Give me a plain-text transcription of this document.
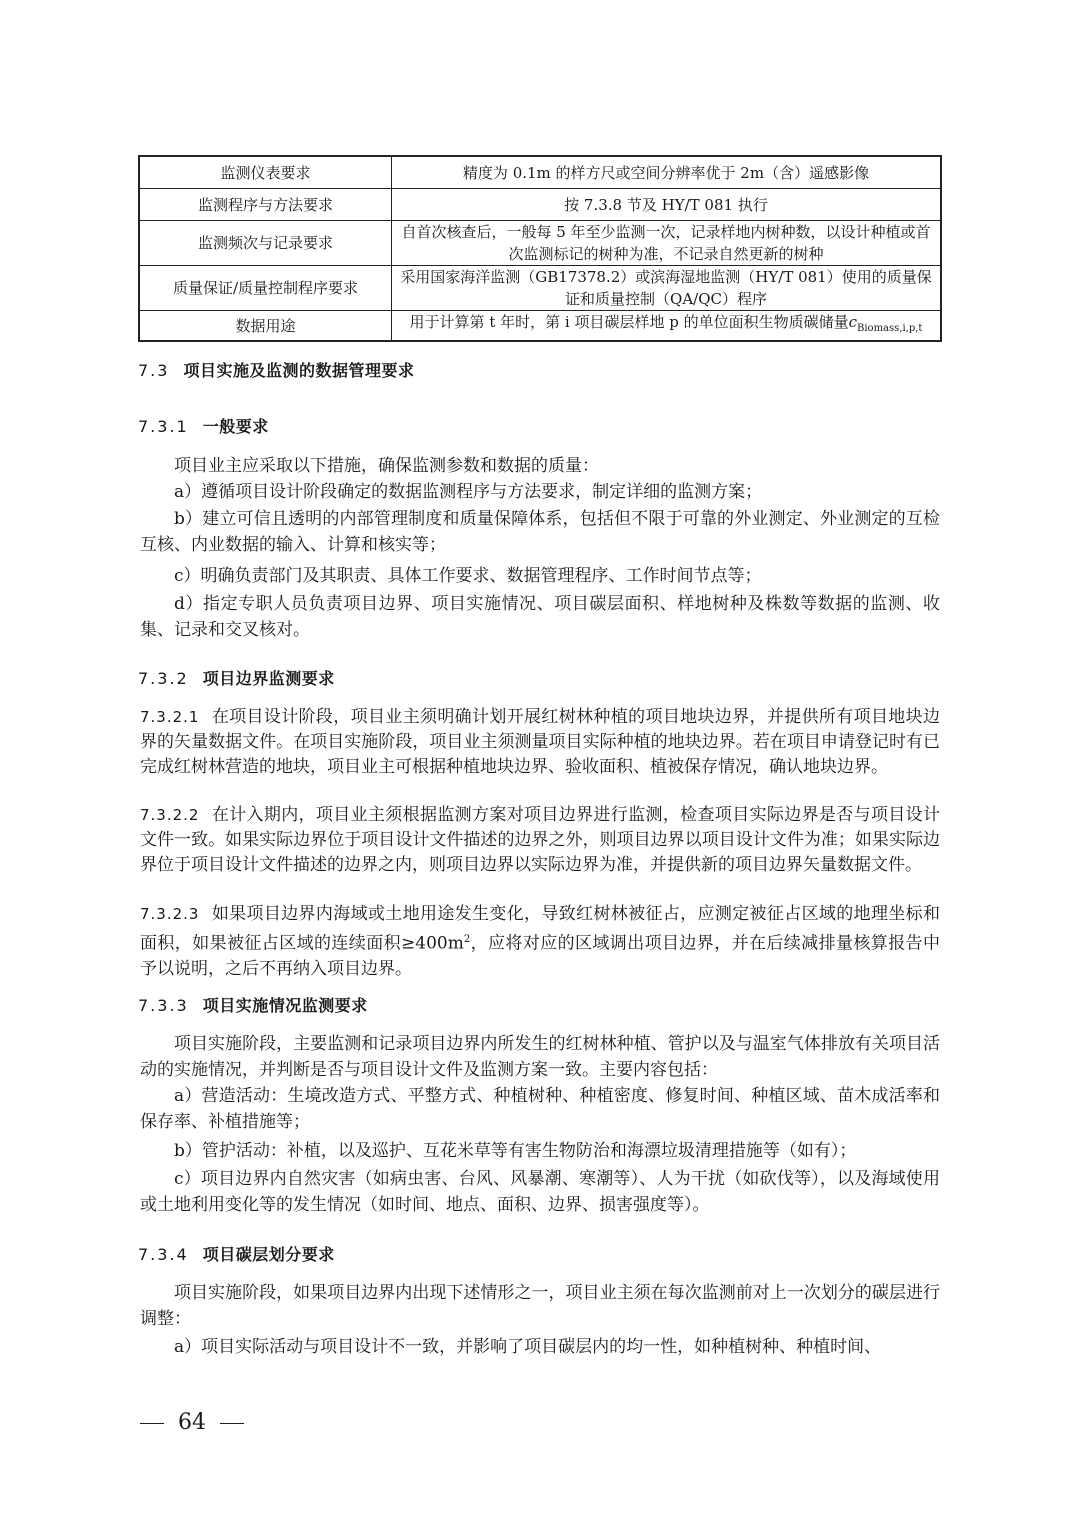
监测仪表要求	精度为 0.1m 的样方尺或空间分辨率优于 2m（含）遥感影像
监测程序与方法要求	按 7.3.8 节及 HY/T 081 执行
监测频次与记录要求	自首次核查后，一般每 5 年至少监测一次，记录样地内树种数，以设计种植或首次监测标记的树种为准，不记录自然更新的树种
质量保证/质量控制程序要求	采用国家海洋监测（GB17378.2）或滨海湿地监测（HY/T 081）使用的质量保证和质量控制（QA/QC）程序
数据用途	用于计算第 t 年时，第 i 项目碳层样地 p 的单位面积生物质碳储量$c_{Biomass,i,p,t}$
7.3 项目实施及监测的数据管理要求
7.3.1 一般要求
项目业主应采取以下措施，确保监测参数和数据的质量：
a）遵循项目设计阶段确定的数据监测程序与方法要求，制定详细的监测方案；
b）建立可信且透明的内部管理制度和质量保障体系，包括但不限于可靠的外业测定、外业测定的互检互核、内业数据的输入、计算和核实等；
c）明确负责部门及其职责、具体工作要求、数据管理程序、工作时间节点等；
d）指定专职人员负责项目边界、项目实施情况、项目碳层面积、样地树种及株数等数据的监测、收集、记录和交叉核对。
7.3.2 项目边界监测要求
7.3.2.1 在项目设计阶段，项目业主须明确计划开展红树林种植的项目地块边界，并提供所有项目地块边界的矢量数据文件。在项目实施阶段，项目业主须测量项目实际种植的地块边界。若在项目申请登记时有已完成红树林营造的地块，项目业主可根据种植地块边界、验收面积、植被保存情况，确认地块边界。
7.3.2.2 在计入期内，项目业主须根据监测方案对项目边界进行监测，检查项目实际边界是否与项目设计文件一致。如果实际边界位于项目设计文件描述的边界之外，则项目边界以项目设计文件为准；如果实际边界位于项目设计文件描述的边界之内，则项目边界以实际边界为准，并提供新的项目边界矢量数据文件。
7.3.2.3 如果项目边界内海域或土地用途发生变化，导致红树林被征占，应测定被征占区域的地理坐标和面积，如果被征占区域的连续面积$\ge 400m^2$，应将对应的区域调出项目边界，并在后续减排量核算报告中予以说明，之后不再纳入项目边界。
7.3.3 项目实施情况监测要求
项目实施阶段，主要监测和记录项目边界内所发生的红树林种植、管护以及与温室气体排放有关项目活动的实施情况，并判断是否与项目设计文件及监测方案一致。主要内容包括：
a）营造活动：生境改造方式、平整方式、种植树种、种植密度、修复时间、种植区域、苗木成活率和保存率、补植措施等；
b）管护活动：补植，以及巡护、互花米草等有害生物防治和海漂垃圾清理措施等（如有）；
c）项目边界内自然灾害（如病虫害、台风、风暴潮、寒潮等）、人为干扰（如砍伐等），以及海域使用或土地利用变化等的发生情况（如时间、地点、面积、边界、损害强度等）。
7.3.4 项目碳层划分要求
项目实施阶段，如果项目边界内出现下述情形之一，项目业主须在每次监测前对上一次划分的碳层进行调整：
a）项目实际活动与项目设计不一致，并影响了项目碳层内的均一性，如种植树种、种植时间、
64
